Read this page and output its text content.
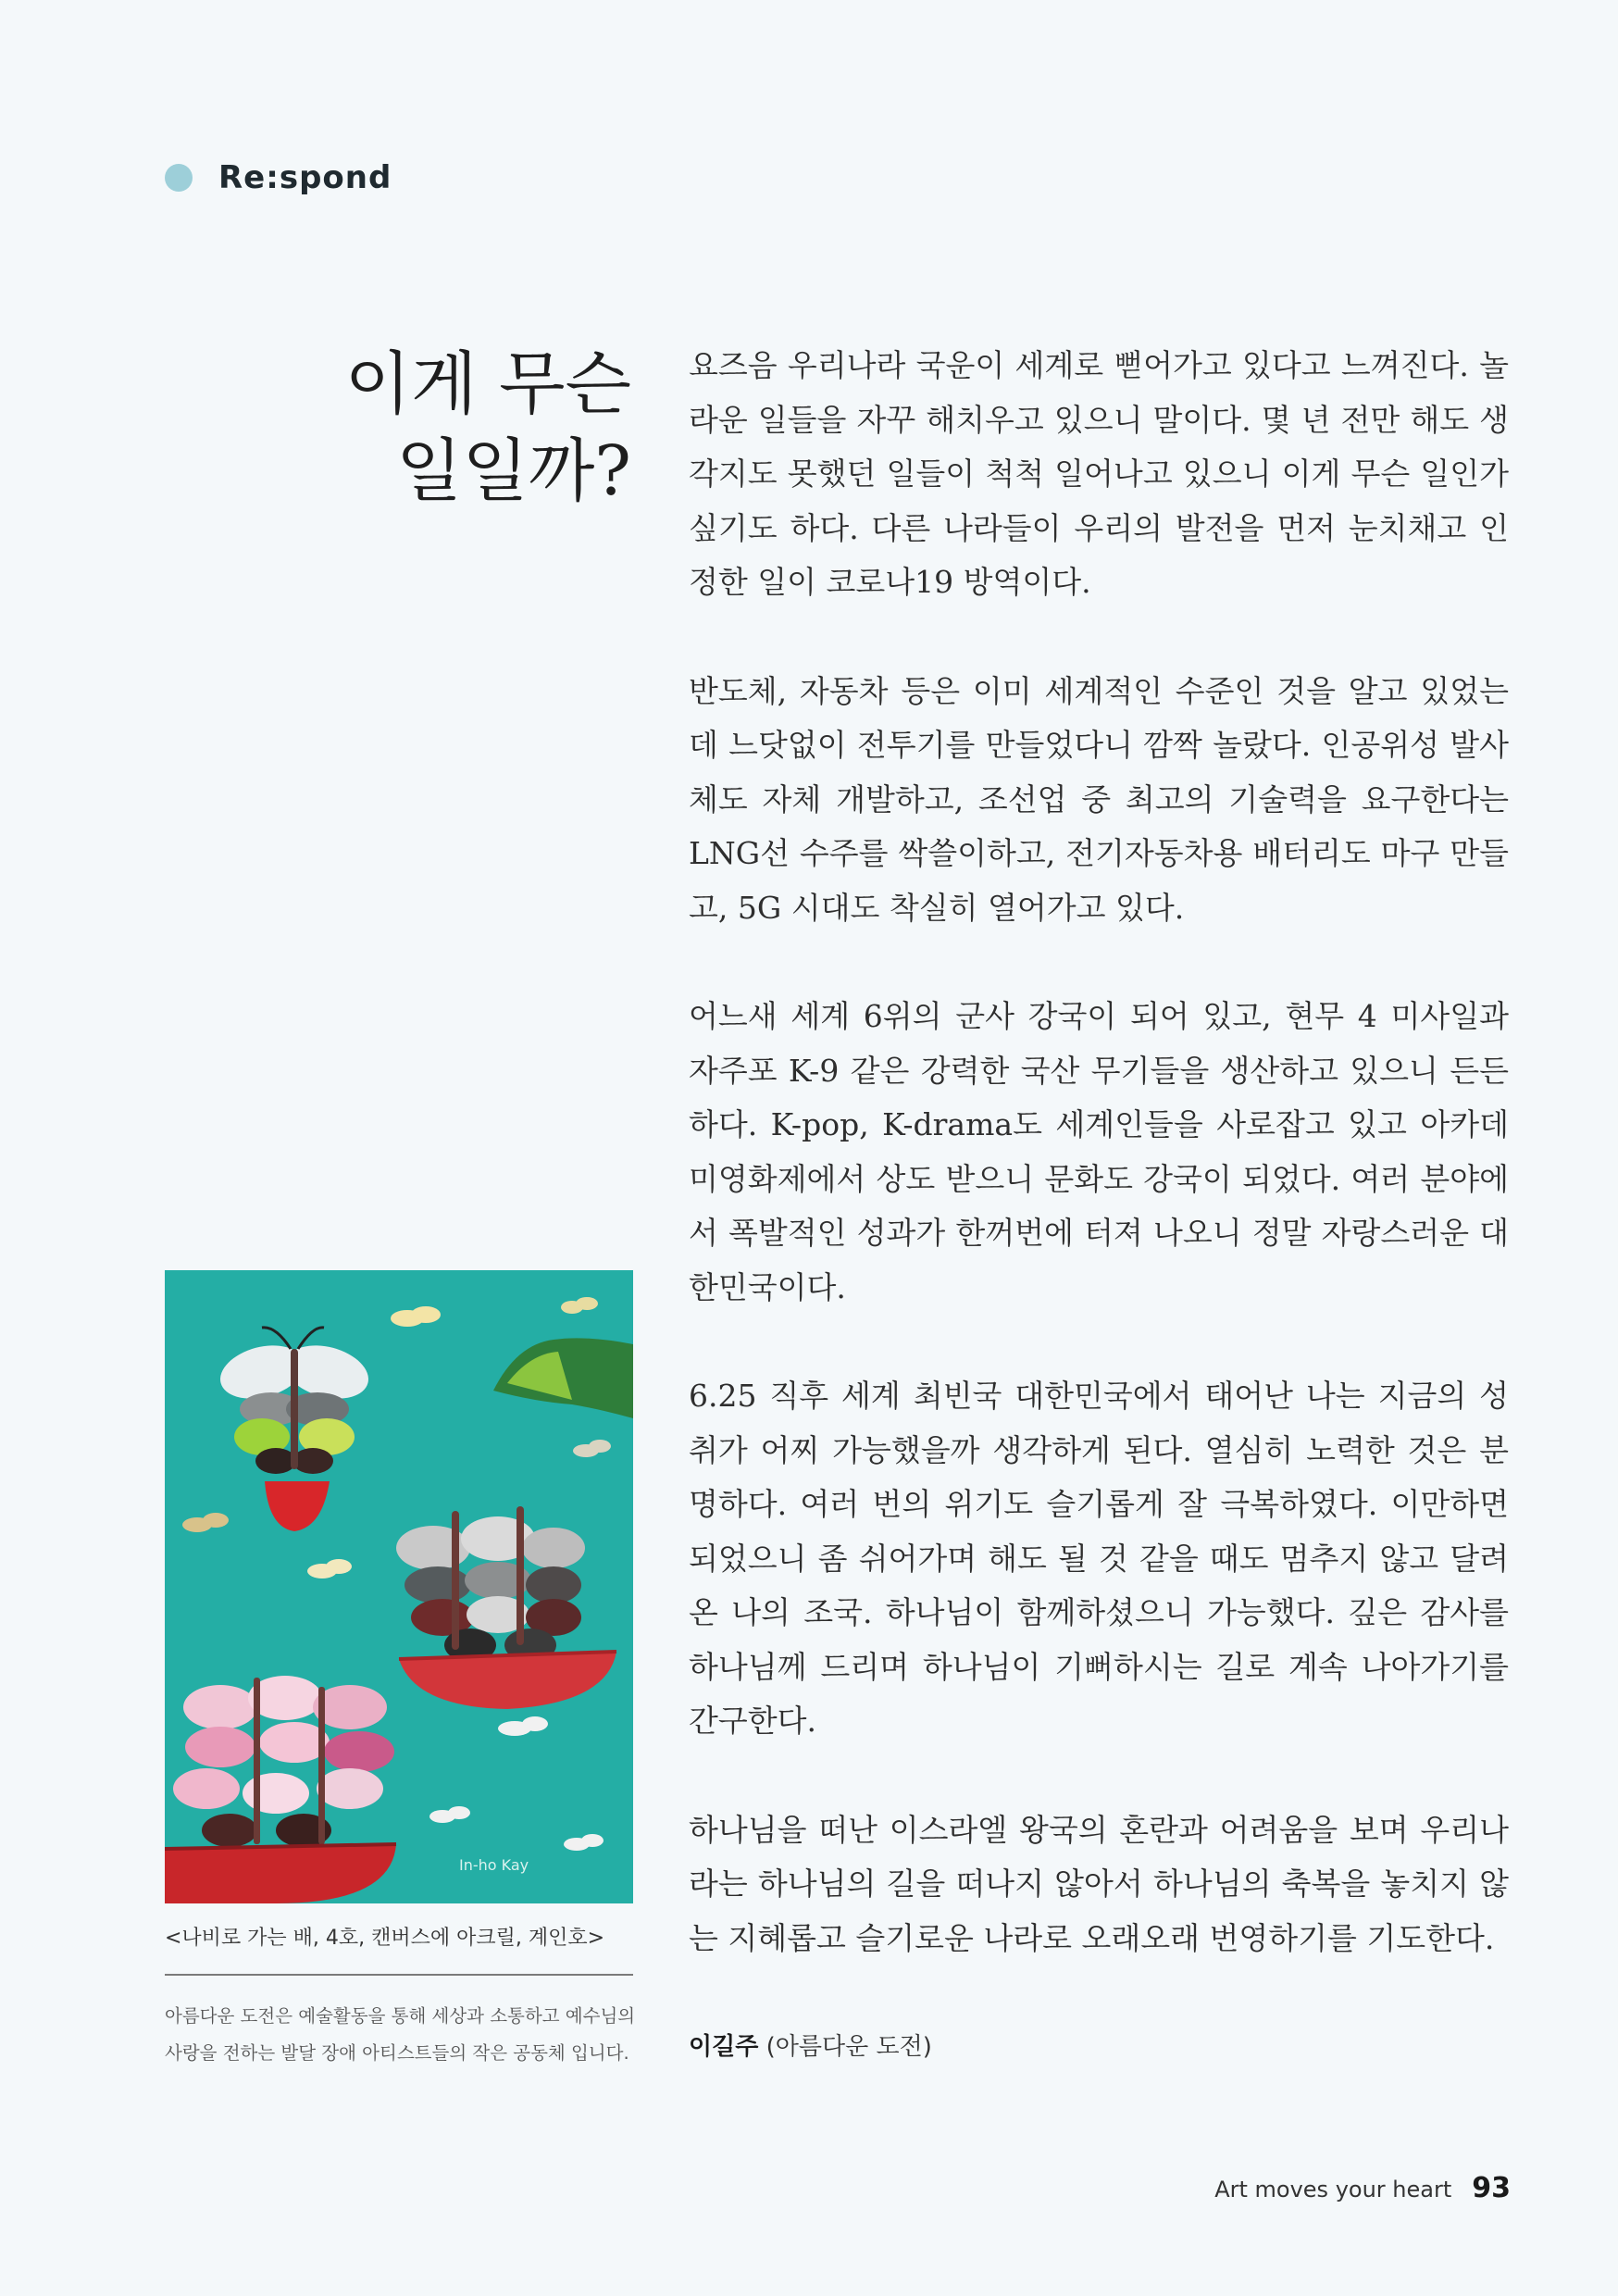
Re:spond
이게 무슨
일일까?

요즈음 우리나라 국운이 세계로 뻗어가고 있다고 느껴진다. 놀라운 일들을 자꾸 해치우고 있으니 말이다. 몇 년 전만 해도 생각지도 못했던 일들이 척척 일어나고 있으니 이게 무슨 일인가 싶기도 하다. 다른 나라들이 우리의 발전을 먼저 눈치채고 인정한 일이 코로나19 방역이다.

반도체, 자동차 등은 이미 세계적인 수준인 것을 알고 있었는데 느닷없이 전투기를 만들었다니 깜짝 놀랐다. 인공위성 발사체도 자체 개발하고, 조선업 중 최고의 기술력을 요구한다는 LNG선 수주를 싹쓸이하고, 전기자동차용 배터리도 마구 만들고, 5G 시대도 착실히 열어가고 있다.

어느새 세계 6위의 군사 강국이 되어 있고, 현무 4 미사일과 자주포 K-9 같은 강력한 국산 무기들을 생산하고 있으니 든든하다. K-pop, K-drama도 세계인들을 사로잡고 있고 아카데미영화제에서 상도 받으니 문화도 강국이 되었다. 여러 분야에서 폭발적인 성과가 한꺼번에 터져 나오니 정말 자랑스러운 대한민국이다.

6.25 직후 세계 최빈국 대한민국에서 태어난 나는 지금의 성취가 어찌 가능했을까 생각하게 된다. 열심히 노력한 것은 분명하다. 여러 번의 위기도 슬기롭게 잘 극복하였다. 이만하면 되었으니 좀 쉬어가며 해도 될 것 같을 때도 멈추지 않고 달려온 나의 조국. 하나님이 함께하셨으니 가능했다. 깊은 감사를 하나님께 드리며 하나님이 기뻐하시는 길로 계속 나아가기를 간구한다.

하나님을 떠난 이스라엘 왕국의 혼란과 어려움을 보며 우리나라는 하나님의 길을 떠나지 않아서 하나님의 축복을 놓치지 않는 지혜롭고 슬기로운 나라로 오래오래 번영하기를 기도한다.

In-ho Kay
<나비로 가는 배, 4호, 캔버스에 아크릴, 계인호>
아름다운 도전은 예술활동을 통해 세상과 소통하고 예수님의
사랑을 전하는 발달 장애 아티스트들의 작은 공동체 입니다.	이길주 (아름다운 도전)
Art moves your heart 93
